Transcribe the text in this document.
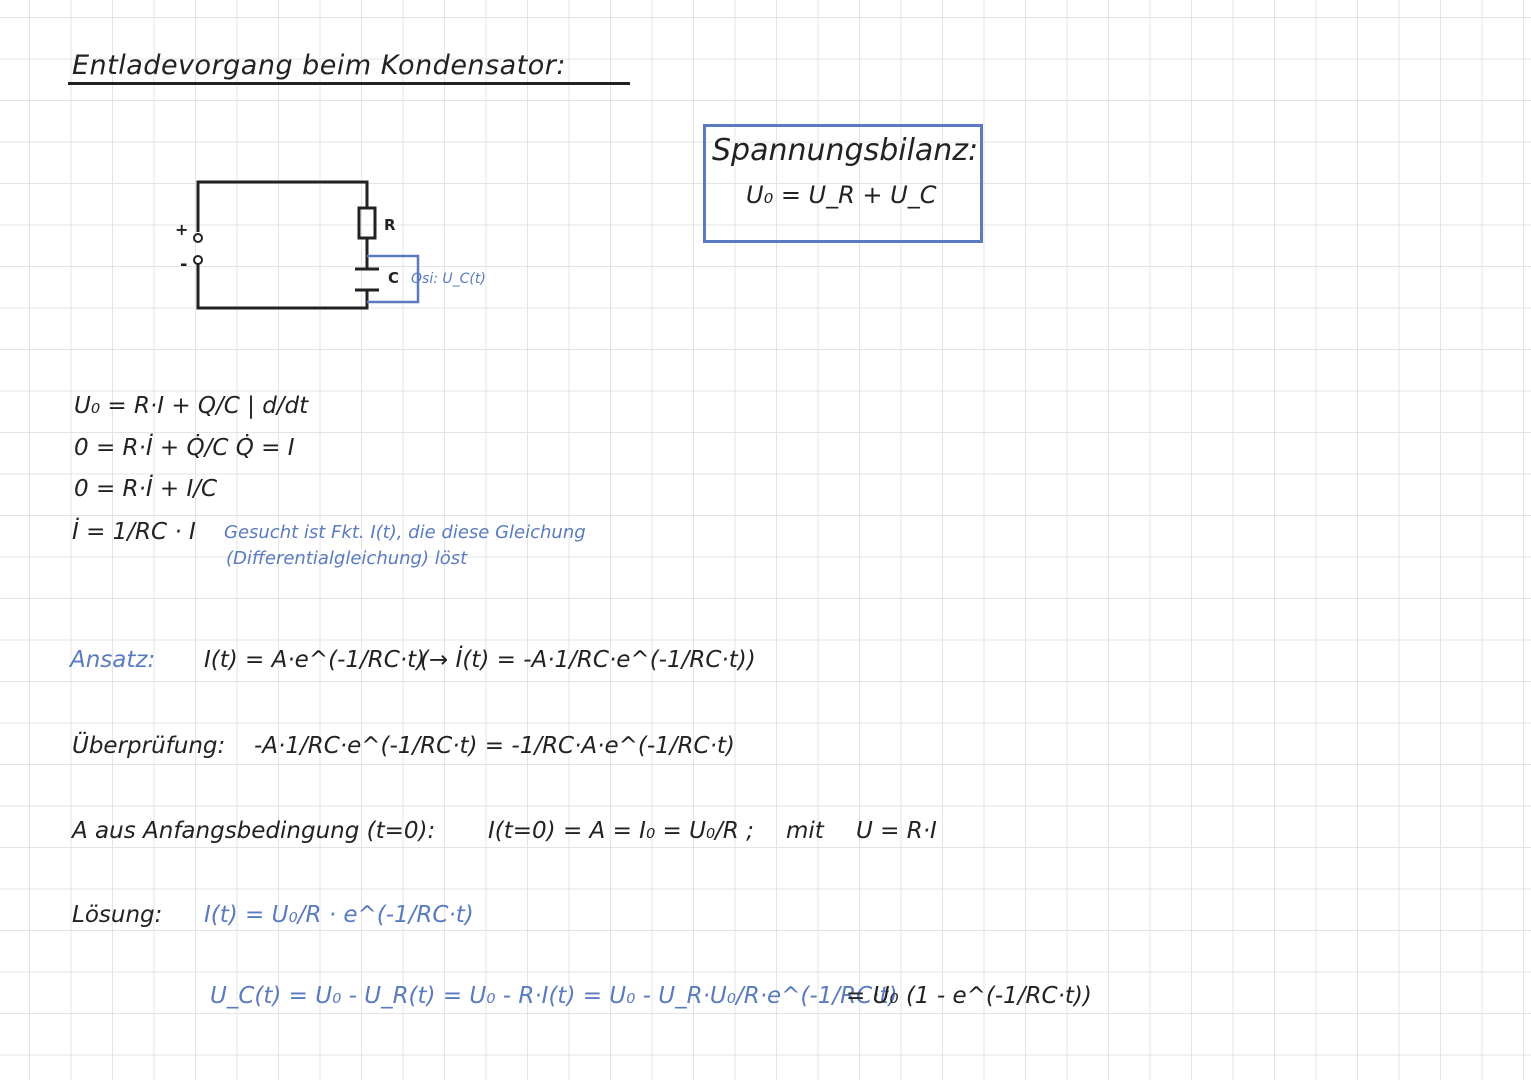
Entladevorgang beim Kondensator:
Spannungsbilanz:
U₀ = U_R + U_C
+
-
R
C Osi: U_C(t)
U₀ = R·I + Q/C | d/dt
0 = R·İ + Q̇/C Q̇ = I
0 = R·İ + I/C
İ = 1/RC · I Gesucht ist Fkt. I(t), die diese Gleichung
(Differentialgleichung) löst
Ansatz: I(t) = A·e^(-1/RC·t)
(→ İ(t) = -A·1/RC·e^(-1/RC·t))
Überprüfung: -A·1/RC·e^(-1/RC·t) = -1/RC·A·e^(-1/RC·t)
A aus Anfangsbedingung (t=0): I(t=0) = A = I₀ = U₀/R ; mit U = R·I
Lösung: I(t) = U₀/R · e^(-1/RC·t)
U_C(t) = U₀ - U_R(t) = U₀ - R·I(t) = U₀ - U_R·U₀/R·e^(-1/RC·t)
= U₀ (1 - e^(-1/RC·t))
